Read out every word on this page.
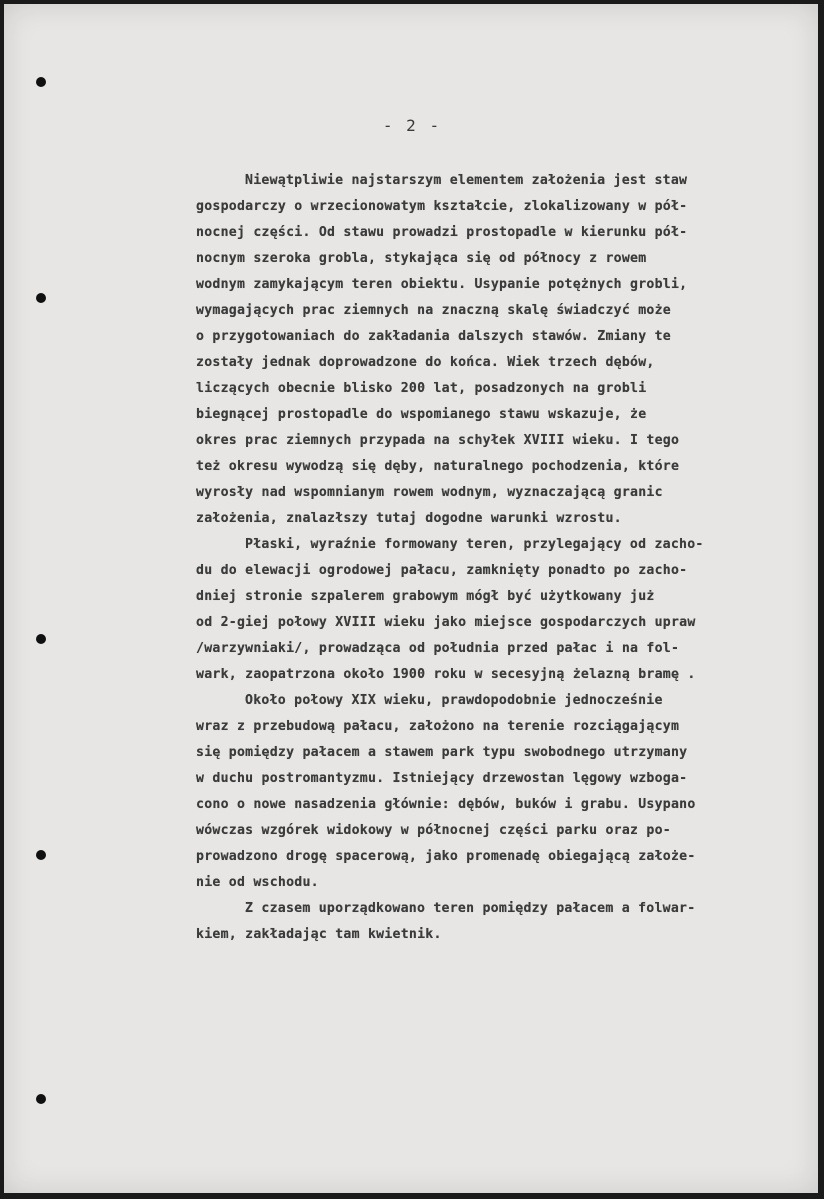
- 2 -
Niewątpliwie najstarszym elementem założenia jest staw
gospodarczy o wrzecionowatym kształcie, zlokalizowany w pół-
nocnej części. Od stawu prowadzi prostopadle w kierunku pół-
nocnym szeroka grobla, stykająca się od północy z rowem
wodnym zamykającym teren obiektu. Usypanie potężnych grobli,
wymagających prac ziemnych na znaczną skalę świadczyć może
o przygotowaniach do zakładania dalszych stawów. Zmiany te
zostały jednak doprowadzone do końca. Wiek trzech dębów,
liczących obecnie blisko 200 lat, posadzonych na grobli
biegnącej prostopadle do wspomianego stawu wskazuje, że
okres prac ziemnych przypada na schyłek XVIII wieku. I tego
też okresu wywodzą się dęby, naturalnego pochodzenia, które
wyrosły nad wspomnianym rowem wodnym, wyznaczającą granic
założenia, znalazłszy tutaj dogodne warunki wzrostu.
Płaski, wyraźnie formowany teren, przylegający od zacho-
du do elewacji ogrodowej pałacu, zamknięty ponadto po zacho-
dniej stronie szpalerem grabowym mógł być użytkowany już
od 2-giej połowy XVIII wieku jako miejsce gospodarczych upraw
/warzywniaki/, prowadząca od południa przed pałac i na fol-
wark, zaopatrzona około 1900 roku w secesyjną żelazną bramę .
Około połowy XIX wieku, prawdopodobnie jednocześnie
wraz z przebudową pałacu, założono na terenie rozciągającym
się pomiędzy pałacem a stawem park typu swobodnego utrzymany
w duchu postromantyzmu. Istniejący drzewostan lęgowy wzboga-
cono o nowe nasadzenia głównie: dębów, buków i grabu. Usypano
wówczas wzgórek widokowy w północnej części parku oraz po-
prowadzono drogę spacerową, jako promenadę obiegającą założe-
nie od wschodu.
Z czasem uporządkowano teren pomiędzy pałacem a folwar-
kiem, zakładając tam kwietnik.
